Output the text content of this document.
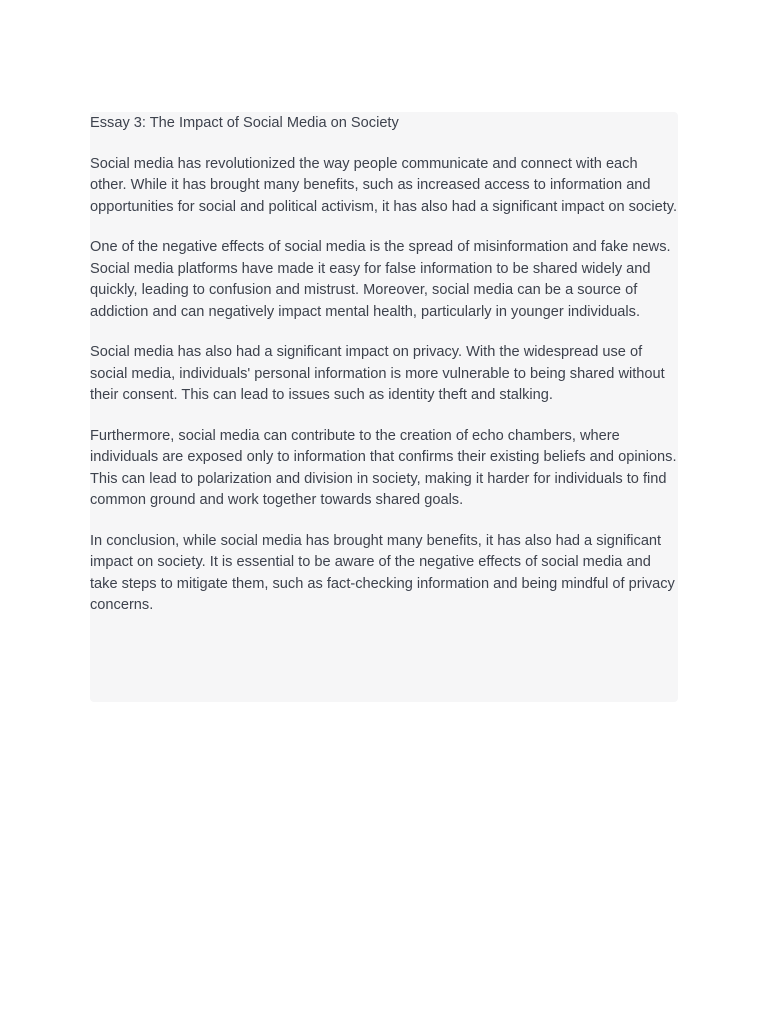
Essay 3: The Impact of Social Media on Society

Social media has revolutionized the way people communicate and connect with each other. While it has brought many benefits, such as increased access to information and opportunities for social and political activism, it has also had a significant impact on society.

One of the negative effects of social media is the spread of misinformation and fake news. Social media platforms have made it easy for false information to be shared widely and quickly, leading to confusion and mistrust. Moreover, social media can be a source of addiction and can negatively impact mental health, particularly in younger individuals.

Social media has also had a significant impact on privacy. With the widespread use of social media, individuals' personal information is more vulnerable to being shared without their consent. This can lead to issues such as identity theft and stalking.

Furthermore, social media can contribute to the creation of echo chambers, where individuals are exposed only to information that confirms their existing beliefs and opinions. This can lead to polarization and division in society, making it harder for individuals to find common ground and work together towards shared goals.

In conclusion, while social media has brought many benefits, it has also had a significant impact on society. It is essential to be aware of the negative effects of social media and take steps to mitigate them, such as fact-checking information and being mindful of privacy concerns.
